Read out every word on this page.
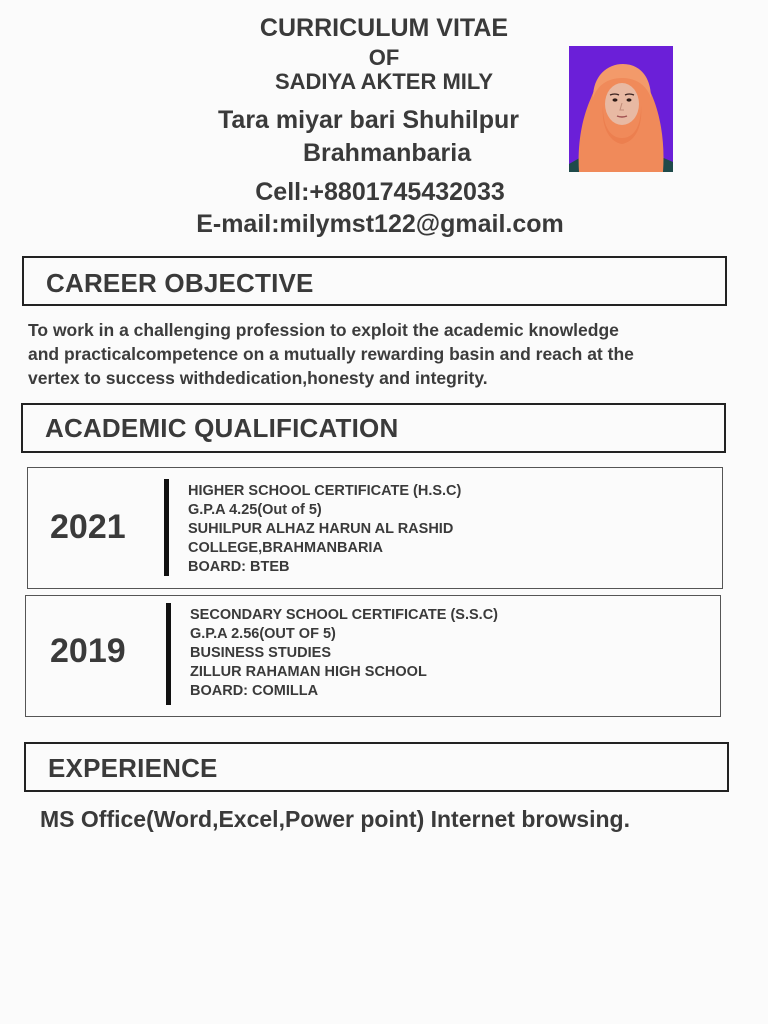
CURRICULUM VITAE
OF
SADIYA AKTER MILY
Tara miyar bari Shuhilpur
Brahmanbaria
Cell:+8801745432033
E-mail:milymst122@gmail.com
CAREER OBJECTIVE
To work in a challenging profession to exploit the academic knowledge
and practicalcompetence on a mutually rewarding basin and reach at the
vertex to success withdedication,honesty and integrity.
ACADEMIC QUALIFICATION
2021
HIGHER SCHOOL CERTIFICATE (H.S.C)
G.P.A 4.25(Out of 5)
SUHILPUR ALHAZ HARUN AL RASHID
COLLEGE,BRAHMANBARIA
BOARD: BTEB
2019
SECONDARY SCHOOL CERTIFICATE (S.S.C)
G.P.A 2.56(OUT OF 5)
BUSINESS STUDIES
ZILLUR RAHAMAN HIGH SCHOOL
BOARD: COMILLA
EXPERIENCE
MS Office(Word,Excel,Power point) Internet browsing.
